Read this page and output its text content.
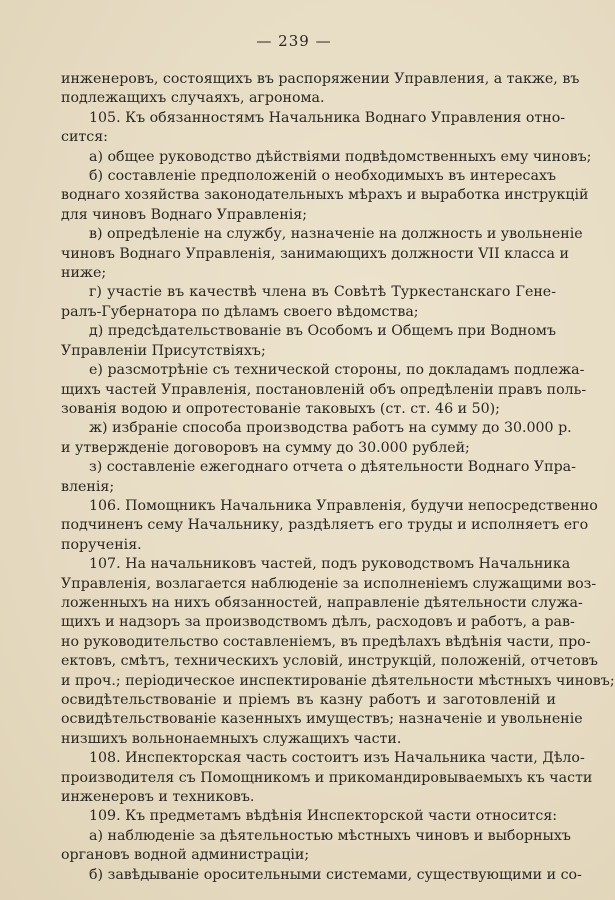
— 239 —
инженеровъ, состоящихъ въ распоряжении Управления, а также, въ
подлежащихъ случаяхъ, агронома.
105. Къ обязанностямъ Начальника Воднаго Управления отно-
сится:
а) общее руководство дѣйствіями подвѣдомственныхъ ему чиновъ;
б) составленіе предположеній о необходимыхъ въ интересахъ
воднаго хозяйства законодательныхъ мѣрахъ и выработка инструкцій
для чиновъ Воднаго Управленія;
в) опредѣленіе на службу, назначеніе на должность и увольненіе
чиновъ Воднаго Управленія, занимающихъ должности VII класса и
ниже;
г) участіе въ качествѣ члена въ Совѣтѣ Туркестанскаго Гене-
ралъ-Губернатора по дѣламъ своего вѣдомства;
д) предсѣдательствованіе въ Особомъ и Общемъ при Водномъ
Управленіи Присутствіяхъ;
е) разсмотрѣніе съ технической стороны, по докладамъ подлежа-
щихъ частей Управленія, постановленій объ опредѣленіи правъ поль-
зованія водою и опротестованіе таковыхъ (ст. ст. 46 и 50);
ж) избраніе способа производства работъ на сумму до 30.000 р.
и утвержденіе договоровъ на сумму до 30.000 рублей;
з) составленіе ежегоднаго отчета о дѣятельности Воднаго Упра-
вленія;
106. Помощникъ Начальника Управленія, будучи непосредственно
подчиненъ сему Начальнику, раздѣляетъ его труды и исполняетъ его
порученія.
107. На начальниковъ частей, подъ руководствомъ Начальника
Управленія, возлагается наблюденіе за исполненіемъ служащими воз-
ложенныхъ на нихъ обязанностей, направленіе дѣятельности служа-
щихъ и надзоръ за производствомъ дѣлъ, расходовъ и работъ, а рав-
но руководительство составленіемъ, въ предѣлахъ вѣдѣнія части, про-
ектовъ, смѣтъ, техническихъ условій, инструкцій, положеній, отчетовъ
и проч.; періодическое инспектированіе дѣятельности мѣстныхъ чиновъ;
освидѣтельствованіе и пріемъ въ казну работъ и заготовленій и
освидѣтельствованіе казенныхъ имуществъ; назначеніе и увольненіе
низшихъ вольнонаемныхъ служащихъ части.
108. Инспекторская часть состоитъ изъ Начальника части, Дѣло-
производителя съ Помощникомъ и прикомандировываемыхъ къ части
инженеровъ и техниковъ.
109. Къ предметамъ вѣдѣнія Инспекторской части относится:
а) наблюденіе за дѣятельностью мѣстныхъ чиновъ и выборныхъ
органовъ водной администраціи;
б) завѣдываніе оросительными системами, существующими и со-
